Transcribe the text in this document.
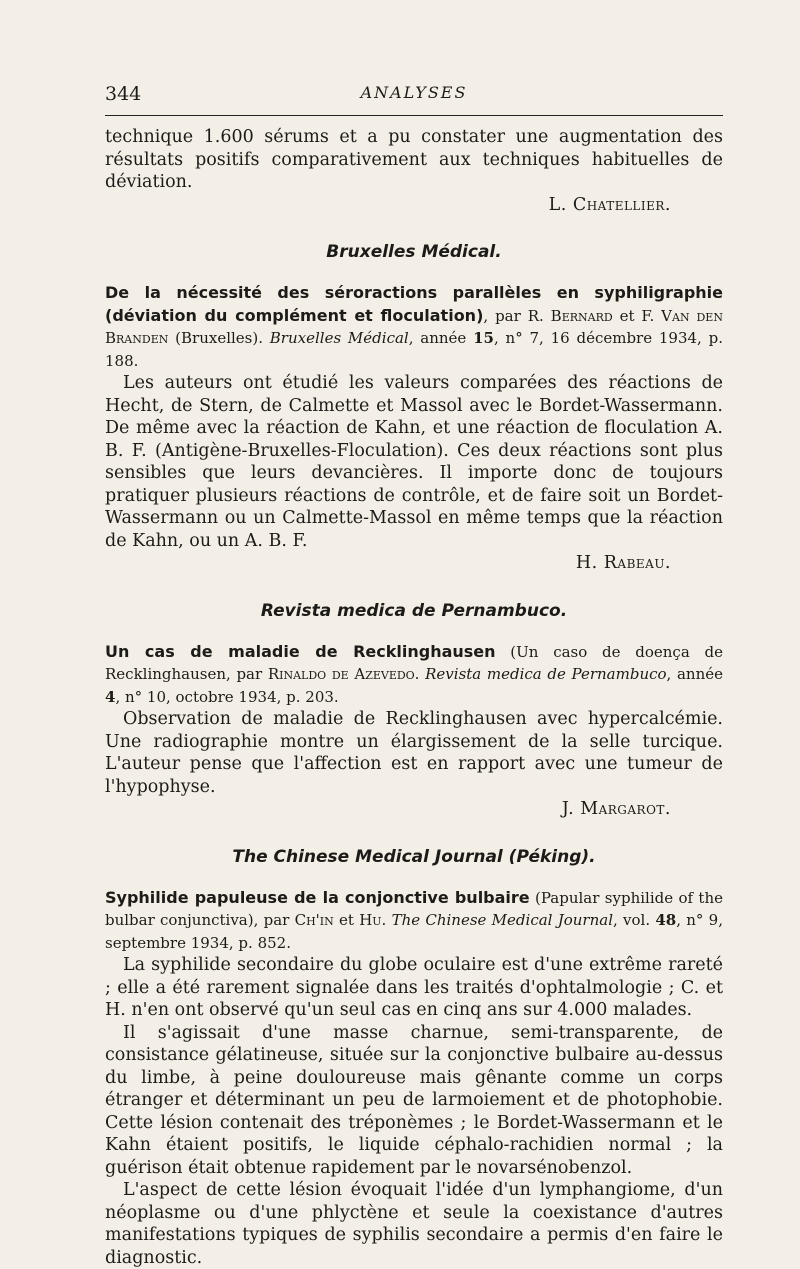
344	ANALYSES

technique 1.600 sérums et a pu constater une augmentation des résultats positifs comparativement aux techniques habituelles de déviation.

L. Chatellier.

Bruxelles Médical.

De la nécessité des séroractions parallèles en syphiligraphie (déviation du complément et floculation), par R. Bernard et F. Van den Branden (Bruxelles). Bruxelles Médical, année 15, n° 7, 16 décembre 1934, p. 188.

Les auteurs ont étudié les valeurs comparées des réactions de Hecht, de Stern, de Calmette et Massol avec le Bordet-Wassermann. De même avec la réaction de Kahn, et une réaction de floculation A. B. F. (Antigène-Bruxelles-Floculation). Ces deux réactions sont plus sensibles que leurs devancières. Il importe donc de toujours pratiquer plusieurs réactions de contrôle, et de faire soit un Bordet-Wassermann ou un Calmette-Massol en même temps que la réaction de Kahn, ou un A. B. F.

H. Rabeau.

Revista medica de Pernambuco.

Un cas de maladie de Recklinghausen (Un caso de doença de Recklinghausen, par Rinaldo de Azevedo. Revista medica de Pernambuco, année 4, n° 10, octobre 1934, p. 203.

Observation de maladie de Recklinghausen avec hypercalcémie. Une radiographie montre un élargissement de la selle turcique. L'auteur pense que l'affection est en rapport avec une tumeur de l'hypophyse.

J. Margarot.

The Chinese Medical Journal (Péking).

Syphilide papuleuse de la conjonctive bulbaire (Papular syphilide of the bulbar conjunctiva), par Ch'in et Hu. The Chinese Medical Journal, vol. 48, n° 9, septembre 1934, p. 852.

La syphilide secondaire du globe oculaire est d'une extrême rareté ; elle a été rarement signalée dans les traités d'ophtalmologie ; C. et H. n'en ont observé qu'un seul cas en cinq ans sur 4.000 malades.

Il s'agissait d'une masse charnue, semi-transparente, de consistance gélatineuse, située sur la conjonctive bulbaire au-dessus du limbe, à peine douloureuse mais gênante comme un corps étranger et déterminant un peu de larmoiement et de photophobie. Cette lésion contenait des tréponèmes ; le Bordet-Wassermann et le Kahn étaient positifs, le liquide céphalo-rachidien normal ; la guérison était obtenue rapidement par le novarsénobenzol.

L'aspect de cette lésion évoquait l'idée d'un lymphangiome, d'un néoplasme ou d'une phlyctène et seule la coexistance d'autres manifestations typiques de syphilis secondaire a permis d'en faire le diagnostic.
